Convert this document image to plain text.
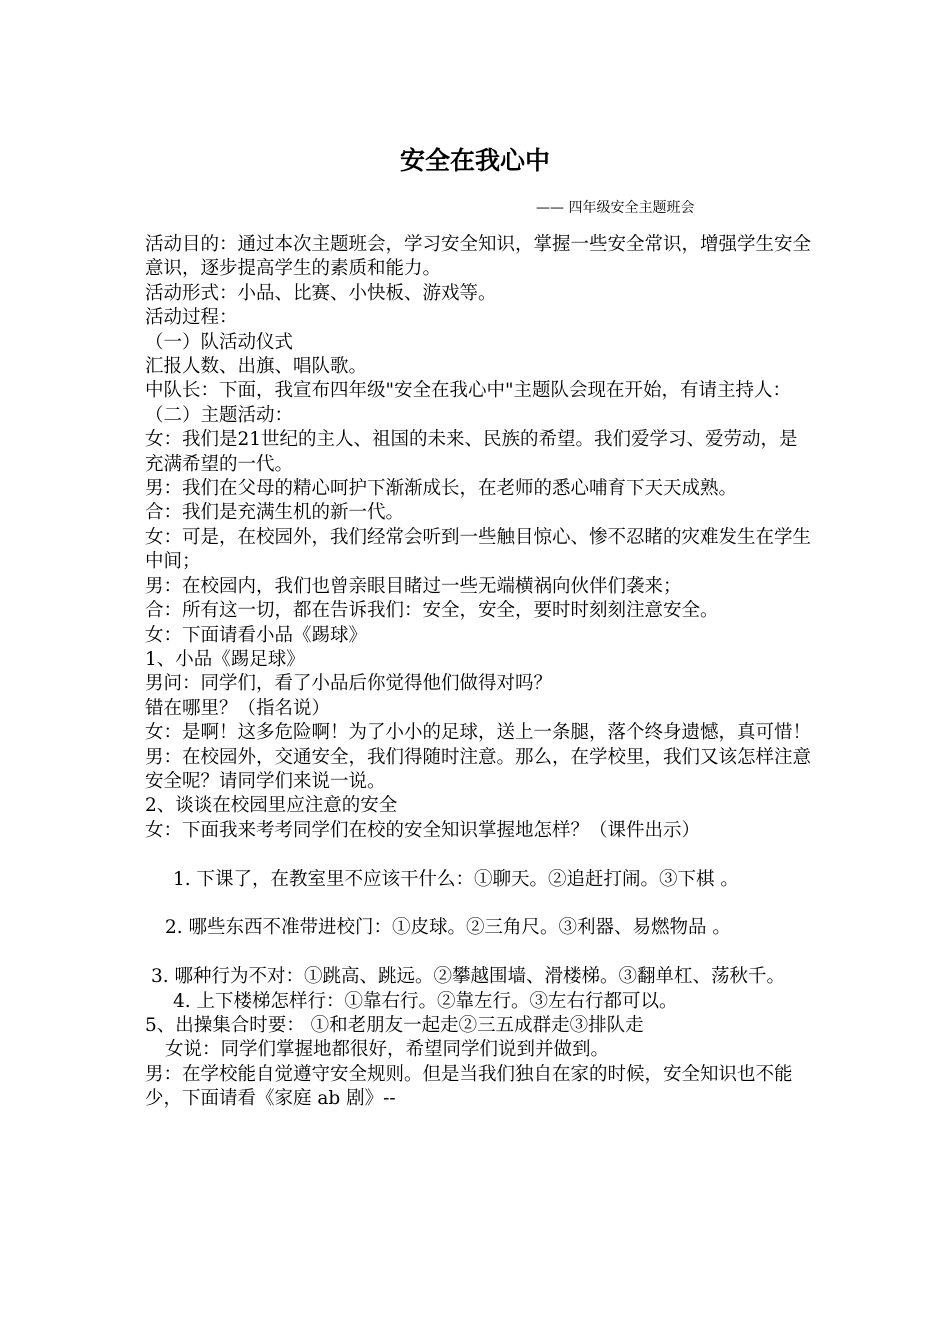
安全在我心中
—— 四年级安全主题班会

活动目的：通过本次主题班会，学习安全知识，掌握一些安全常识，增强学生安全意识，逐步提高学生的素质和能力。

活动形式：小品、比赛、小快板、游戏等。

活动过程：

（一）队活动仪式

汇报人数、出旗、唱队歌。

中队长：下面，我宣布四年级"安全在我心中"主题队会现在开始，有请主持人：（二）主题活动：

女：我们是21世纪的主人、祖国的未来、民族的希望。我们爱学习、爱劳动，是充满希望的一代。

男：我们在父母的精心呵护下渐渐成长，在老师的悉心哺育下天天成熟。

合：我们是充满生机的新一代。

女：可是，在校园外，我们经常会听到一些触目惊心、惨不忍睹的灾难发生在学生中间；

男：在校园内，我们也曾亲眼目睹过一些无端横祸向伙伴们袭来；

合：所有这一切，都在告诉我们：安全，安全，要时时刻刻注意安全。

女：下面请看小品《踢球》

1、小品《踢足球》

男问：同学们，看了小品后你觉得他们做得对吗？

错在哪里？（指名说）

女：是啊！这多危险啊！为了小小的足球，送上一条腿，落个终身遗憾，真可惜！

男：在校园外，交通安全，我们得随时注意。那么，在学校里，我们又该怎样注意安全呢？请同学们来说一说。

2、谈谈在校园里应注意的安全

女：下面我来考考同学们在校的安全知识掌握地怎样？（课件出示）

1. 下课了，在教室里不应该干什么：①聊天。②追赶打闹。③下棋 。

2. 哪些东西不准带进校门：①皮球。②三角尺。③利器、易燃物品 。

3. 哪种行为不对：①跳高、跳远。②攀越围墙、滑楼梯。③翻单杠、荡秋千。

4. 上下楼梯怎样行：①靠右行。②靠左行。③左右行都可以。

5、出操集合时要： ①和老朋友一起走②三五成群走③排队走

女说：同学们掌握地都很好，希望同学们说到并做到。

男：在学校能自觉遵守安全规则。但是当我们独自在家的时候，安全知识也不能少，下面请看《家庭 ab 剧》--
